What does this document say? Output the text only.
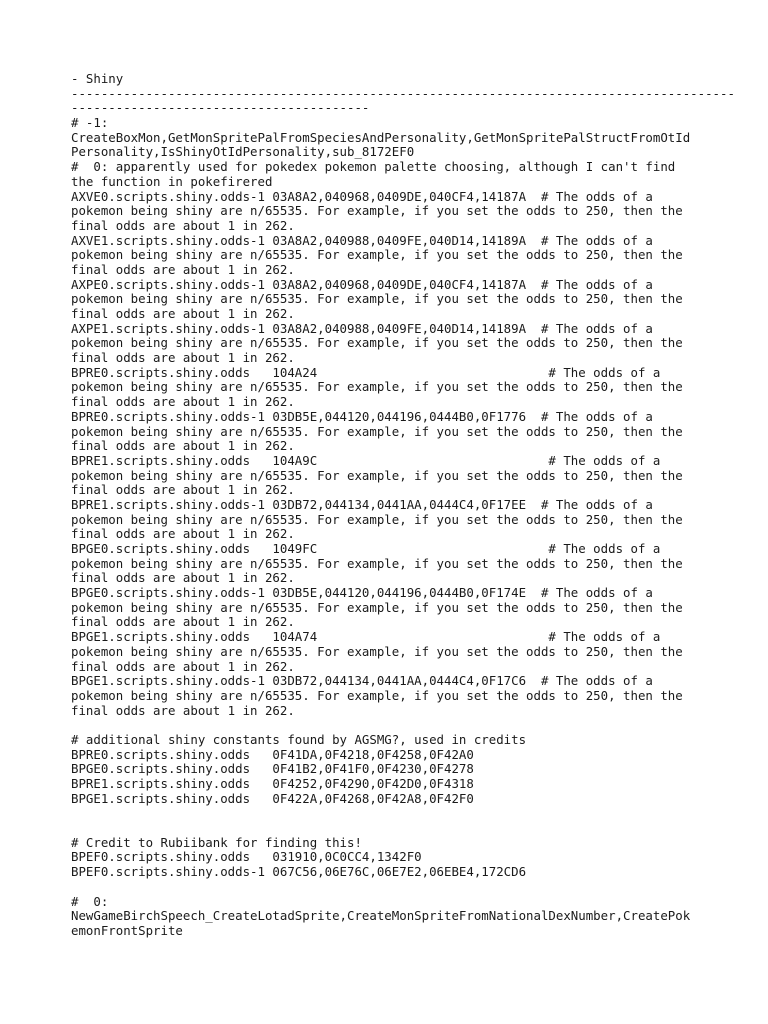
- Shiny
-----------------------------------------------------------------------------------------
----------------------------------------
# -1:
CreateBoxMon,GetMonSpritePalFromSpeciesAndPersonality,GetMonSpritePalStructFromOtId
Personality,IsShinyOtIdPersonality,sub_8172EF0
#  0: apparently used for pokedex pokemon palette choosing, although I can't find
the function in pokefirered
AXVE0.scripts.shiny.odds-1 03A8A2,040968,0409DE,040CF4,14187A  # The odds of a
pokemon being shiny are n/65535. For example, if you set the odds to 250, then the
final odds are about 1 in 262.
AXVE1.scripts.shiny.odds-1 03A8A2,040988,0409FE,040D14,14189A  # The odds of a
pokemon being shiny are n/65535. For example, if you set the odds to 250, then the
final odds are about 1 in 262.
AXPE0.scripts.shiny.odds-1 03A8A2,040968,0409DE,040CF4,14187A  # The odds of a
pokemon being shiny are n/65535. For example, if you set the odds to 250, then the
final odds are about 1 in 262.
AXPE1.scripts.shiny.odds-1 03A8A2,040988,0409FE,040D14,14189A  # The odds of a
pokemon being shiny are n/65535. For example, if you set the odds to 250, then the
final odds are about 1 in 262.
BPRE0.scripts.shiny.odds   104A24                               # The odds of a
pokemon being shiny are n/65535. For example, if you set the odds to 250, then the
final odds are about 1 in 262.
BPRE0.scripts.shiny.odds-1 03DB5E,044120,044196,0444B0,0F1776  # The odds of a
pokemon being shiny are n/65535. For example, if you set the odds to 250, then the
final odds are about 1 in 262.
BPRE1.scripts.shiny.odds   104A9C                               # The odds of a
pokemon being shiny are n/65535. For example, if you set the odds to 250, then the
final odds are about 1 in 262.
BPRE1.scripts.shiny.odds-1 03DB72,044134,0441AA,0444C4,0F17EE  # The odds of a
pokemon being shiny are n/65535. For example, if you set the odds to 250, then the
final odds are about 1 in 262.
BPGE0.scripts.shiny.odds   1049FC                               # The odds of a
pokemon being shiny are n/65535. For example, if you set the odds to 250, then the
final odds are about 1 in 262.
BPGE0.scripts.shiny.odds-1 03DB5E,044120,044196,0444B0,0F174E  # The odds of a
pokemon being shiny are n/65535. For example, if you set the odds to 250, then the
final odds are about 1 in 262.
BPGE1.scripts.shiny.odds   104A74                               # The odds of a
pokemon being shiny are n/65535. For example, if you set the odds to 250, then the
final odds are about 1 in 262.
BPGE1.scripts.shiny.odds-1 03DB72,044134,0441AA,0444C4,0F17C6  # The odds of a
pokemon being shiny are n/65535. For example, if you set the odds to 250, then the
final odds are about 1 in 262.
# additional shiny constants found by AGSMG?, used in credits
BPRE0.scripts.shiny.odds   0F41DA,0F4218,0F4258,0F42A0
BPGE0.scripts.shiny.odds   0F41B2,0F41F0,0F4230,0F4278
BPRE1.scripts.shiny.odds   0F4252,0F4290,0F42D0,0F4318
BPGE1.scripts.shiny.odds   0F422A,0F4268,0F42A8,0F42F0
# Credit to Rubiibank for finding this!
BPEF0.scripts.shiny.odds   031910,0C0CC4,1342F0
BPEF0.scripts.shiny.odds-1 067C56,06E76C,06E7E2,06EBE4,172CD6
#  0:
NewGameBirchSpeech_CreateLotadSprite,CreateMonSpriteFromNationalDexNumber,CreatePok
emonFrontSprite
